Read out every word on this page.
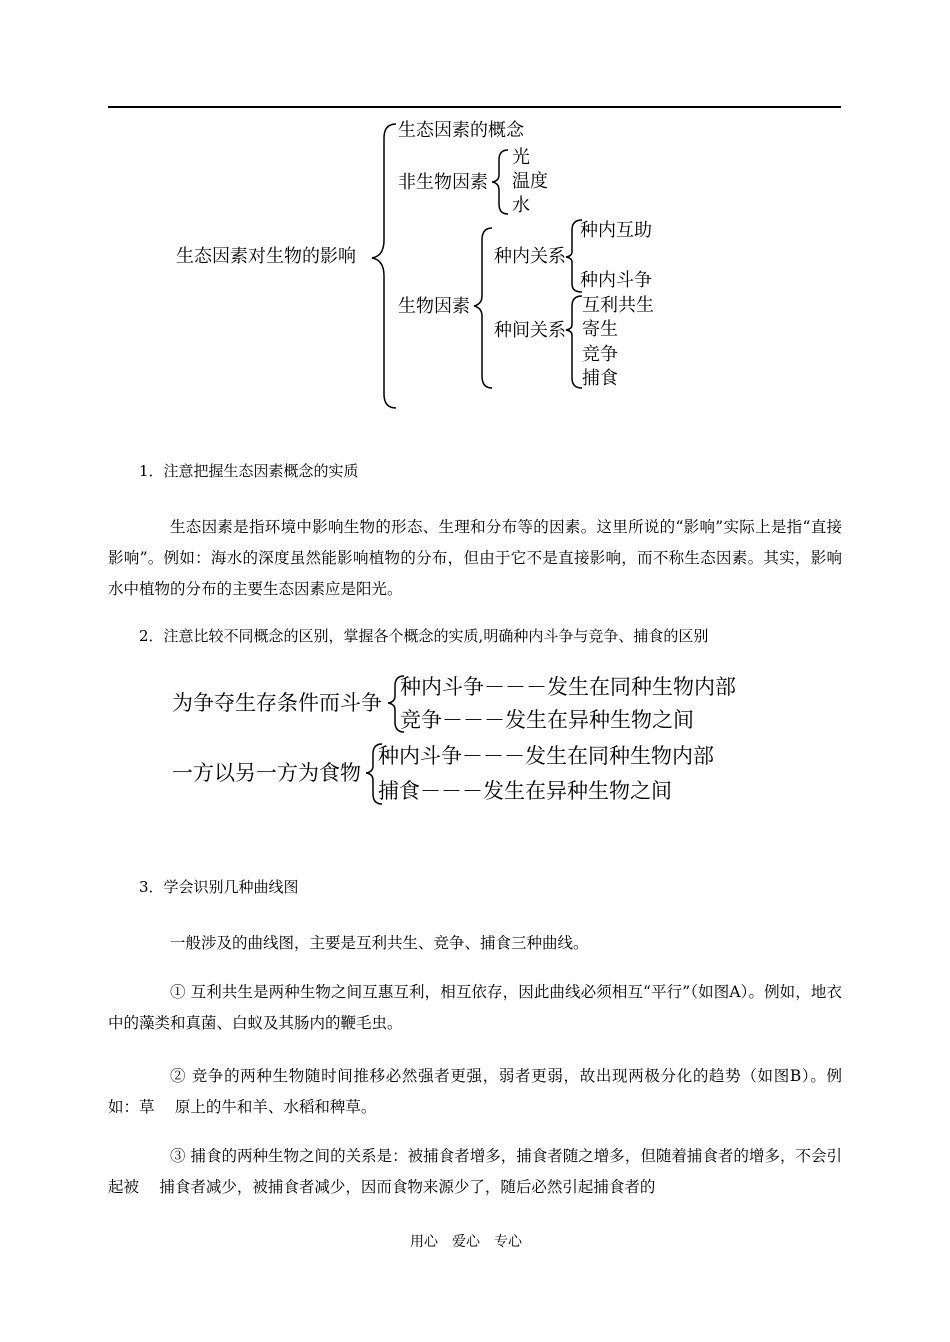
生态因素对生物的影响
生态因素的概念
非生物因素
光
温度
水
生物因素
种内关系
种内互助
种内斗争
种间关系
互利共生
寄生
竞争
捕食
1．注意把握生态因素概念的实质
生态因素是指环境中影响生物的形态、生理和分布等的因素。这里所说的“影响”实际上是指“直接影响”。例如：海水的深度虽然能影响植物的分布，但由于它不是直接影响，而不称生态因素。其实，影响水中植物的分布的主要生态因素应是阳光。
2．注意比较不同概念的区别，掌握各个概念的实质,明确种内斗争与竞争、捕食的区别
为争夺生存条件而斗争
种内斗争－－－发生在同种生物内部
竞争－－－发生在异种生物之间
一方以另一方为食物
种内斗争－－－发生在同种生物内部
捕食－－－发生在异种生物之间
3．学会识别几种曲线图
一般涉及的曲线图，主要是互利共生、竞争、捕食三种曲线。
① 互利共生是两种生物之间互惠互利，相互依存，因此曲线必须相互“平行”（如图A）。例如，地衣　 中的藻类和真菌、白蚁及其肠内的鞭毛虫。
② 竞争的两种生物随时间推移必然强者更强，弱者更弱，故出现两极分化的趋势（如图B）。例如：草　 原上的牛和羊、水稻和稗草。
③ 捕食的两种生物之间的关系是：被捕食者增多，捕食者随之增多，但随着捕食者的增多，不会引起被　 捕食者减少，被捕食者减少，因而食物来源少了，随后必然引起捕食者的
用心　爱心　专心
